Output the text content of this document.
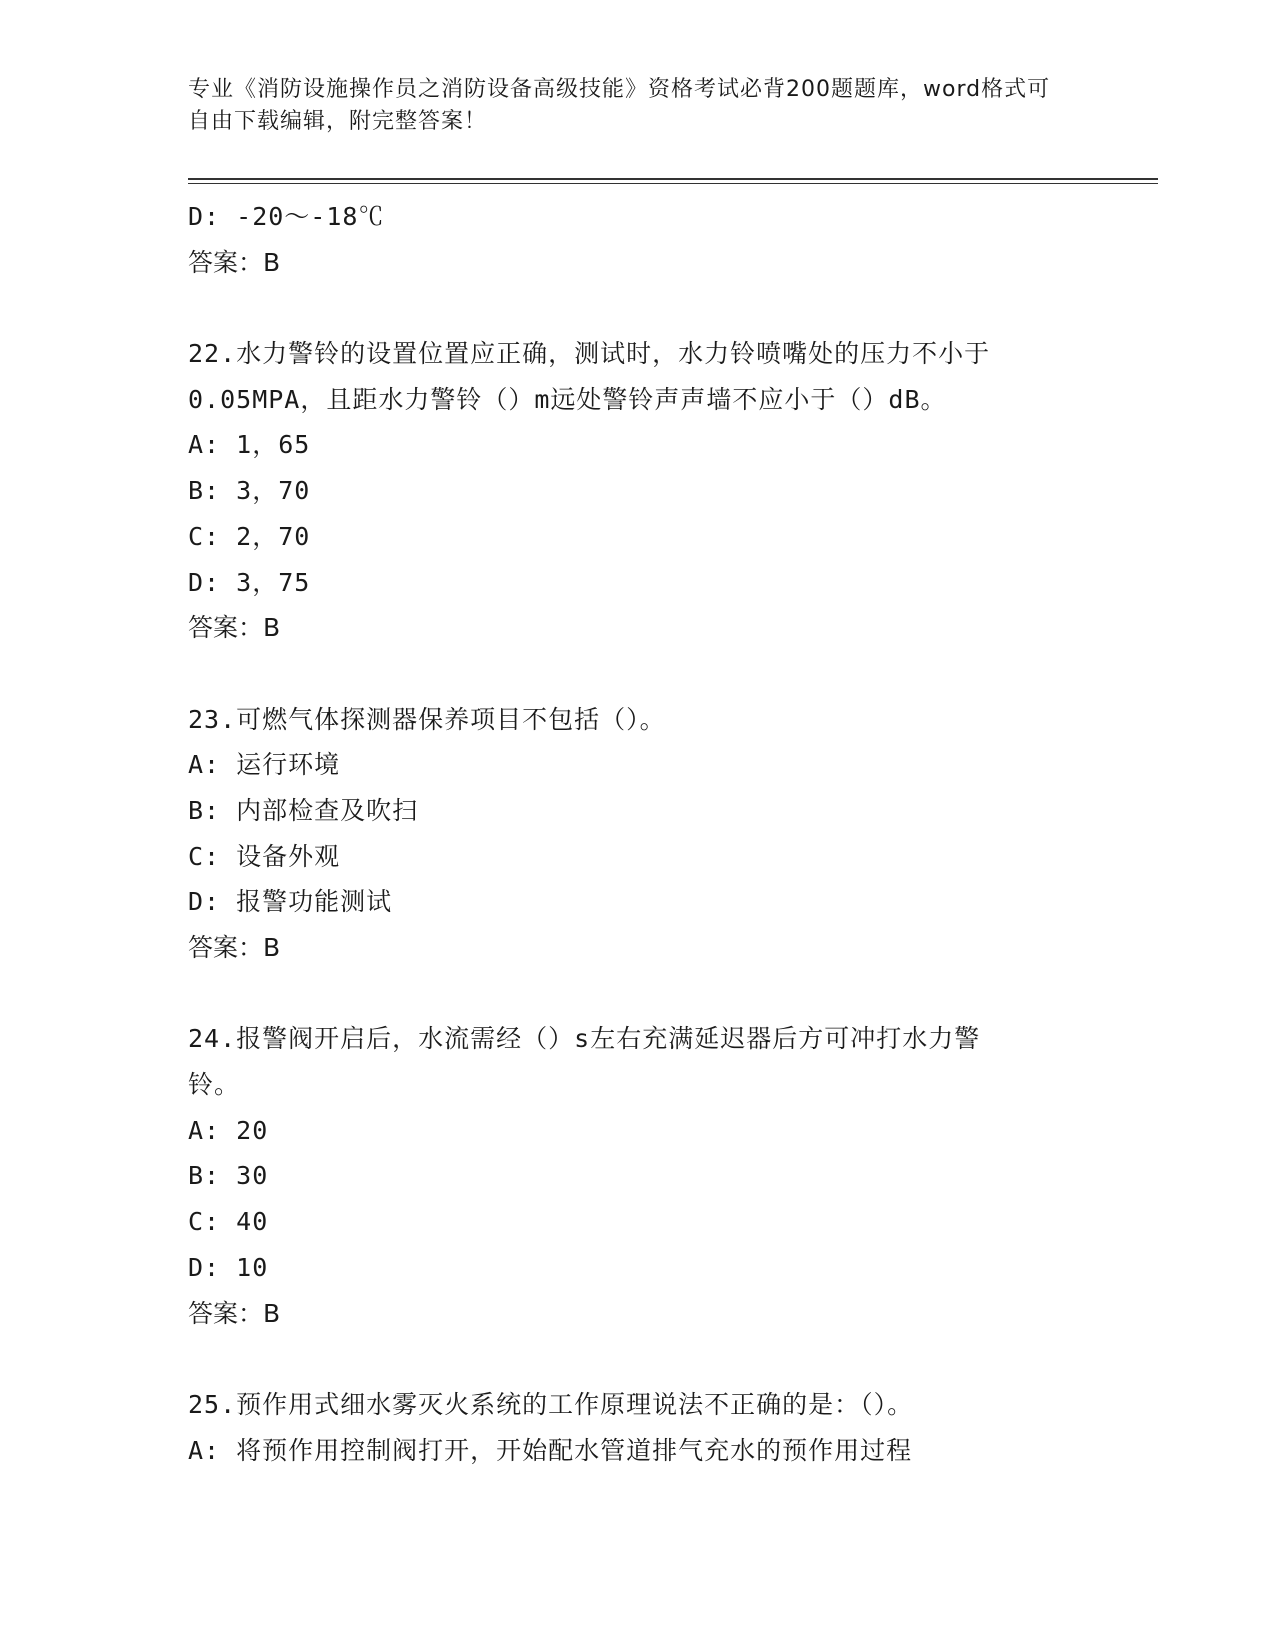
专业《消防设施操作员之消防设备高级技能》资格考试必背200题题库，word格式可自由下载编辑，附完整答案！
D: -20～-18℃
答案：B
22.水力警铃的设置位置应正确，测试时，水力铃喷嘴处的压力不小于
0.05MPA，且距水力警铃（）m远处警铃声声墙不应小于（）dB。
A: 1，65
B: 3，70
C: 2，70
D: 3，75
答案：B
23.可燃气体探测器保养项目不包括（）。
A: 运行环境
B: 内部检查及吹扫
C: 设备外观
D: 报警功能测试
答案：B
24.报警阀开启后，水流需经（）s左右充满延迟器后方可冲打水力警
铃。
A: 20
B: 30
C: 40
D: 10
答案：B
25.预作用式细水雾灭火系统的工作原理说法不正确的是：（）。
A: 将预作用控制阀打开，开始配水管道排气充水的预作用过程
